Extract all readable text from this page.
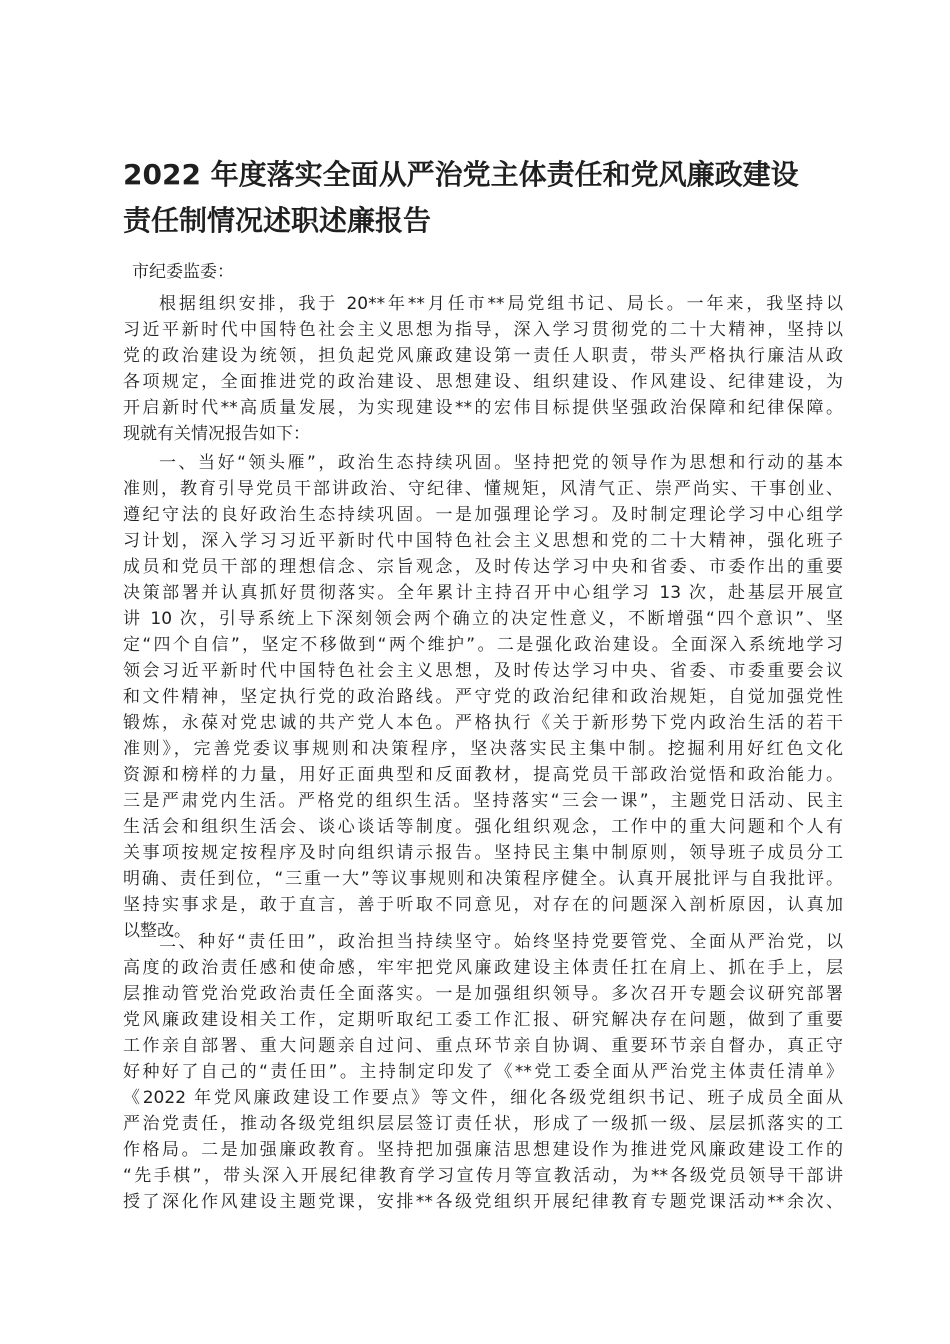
2022 年度落实全面从严治党主体责任和党风廉政建设
责任制情况述职述廉报告

市纪委监委：

根据组织安排，我于 20**年**月任市**局党组书记、局长。一年来，我坚持以
习近平新时代中国特色社会主义思想为指导，深入学习贯彻党的二十大精神，坚持以
党的政治建设为统领，担负起党风廉政建设第一责任人职责，带头严格执行廉洁从政
各项规定，全面推进党的政治建设、思想建设、组织建设、作风建设、纪律建设，为
开启新时代**高质量发展，为实现建设**的宏伟目标提供坚强政治保障和纪律保障。
现就有关情况报告如下：
一、当好“领头雁”，政治生态持续巩固。坚持把党的领导作为思想和行动的基本
准则，教育引导党员干部讲政治、守纪律、懂规矩，风清气正、崇严尚实、干事创业、
遵纪守法的良好政治生态持续巩固。一是加强理论学习。及时制定理论学习中心组学
习计划，深入学习习近平新时代中国特色社会主义思想和党的二十大精神，强化班子
成员和党员干部的理想信念、宗旨观念，及时传达学习中央和省委、市委作出的重要
决策部署并认真抓好贯彻落实。全年累计主持召开中心组学习 13 次，赴基层开展宣
讲 10 次，引导系统上下深刻领会两个确立的决定性意义，不断增强“四个意识”、坚
定“四个自信”，坚定不移做到“两个维护”。二是强化政治建设。全面深入系统地学习
领会习近平新时代中国特色社会主义思想，及时传达学习中央、省委、市委重要会议
和文件精神，坚定执行党的政治路线。严守党的政治纪律和政治规矩，自觉加强党性
锻炼，永葆对党忠诚的共产党人本色。严格执行《关于新形势下党内政治生活的若干
准则》，完善党委议事规则和决策程序，坚决落实民主集中制。挖掘利用好红色文化
资源和榜样的力量，用好正面典型和反面教材，提高党员干部政治觉悟和政治能力。
三是严肃党内生活。严格党的组织生活。坚持落实“三会一课”，主题党日活动、民主
生活会和组织生活会、谈心谈话等制度。强化组织观念，工作中的重大问题和个人有
关事项按规定按程序及时向组织请示报告。坚持民主集中制原则，领导班子成员分工
明确、责任到位，“三重一大”等议事规则和决策程序健全。认真开展批评与自我批评。
坚持实事求是，敢于直言，善于听取不同意见，对存在的问题深入剖析原因，认真加
以整改。
二、种好“责任田”，政治担当持续坚守。始终坚持党要管党、全面从严治党，以
高度的政治责任感和使命感，牢牢把党风廉政建设主体责任扛在肩上、抓在手上，层
层推动管党治党政治责任全面落实。一是加强组织领导。多次召开专题会议研究部署
党风廉政建设相关工作，定期听取纪工委工作汇报、研究解决存在问题，做到了重要
工作亲自部署、重大问题亲自过问、重点环节亲自协调、重要环节亲自督办，真正守
好种好了自己的“责任田”。主持制定印发了《**党工委全面从严治党主体责任清单》
《2022 年党风廉政建设工作要点》等文件，细化各级党组织书记、班子成员全面从
严治党责任，推动各级党组织层层签订责任状，形成了一级抓一级、层层抓落实的工
作格局。二是加强廉政教育。坚持把加强廉洁思想建设作为推进党风廉政建设工作的
“先手棋”，带头深入开展纪律教育学习宣传月等宣教活动，为**各级党员领导干部讲
授了深化作风建设主题党课，安排**各级党组织开展纪律教育专题党课活动**余次、
